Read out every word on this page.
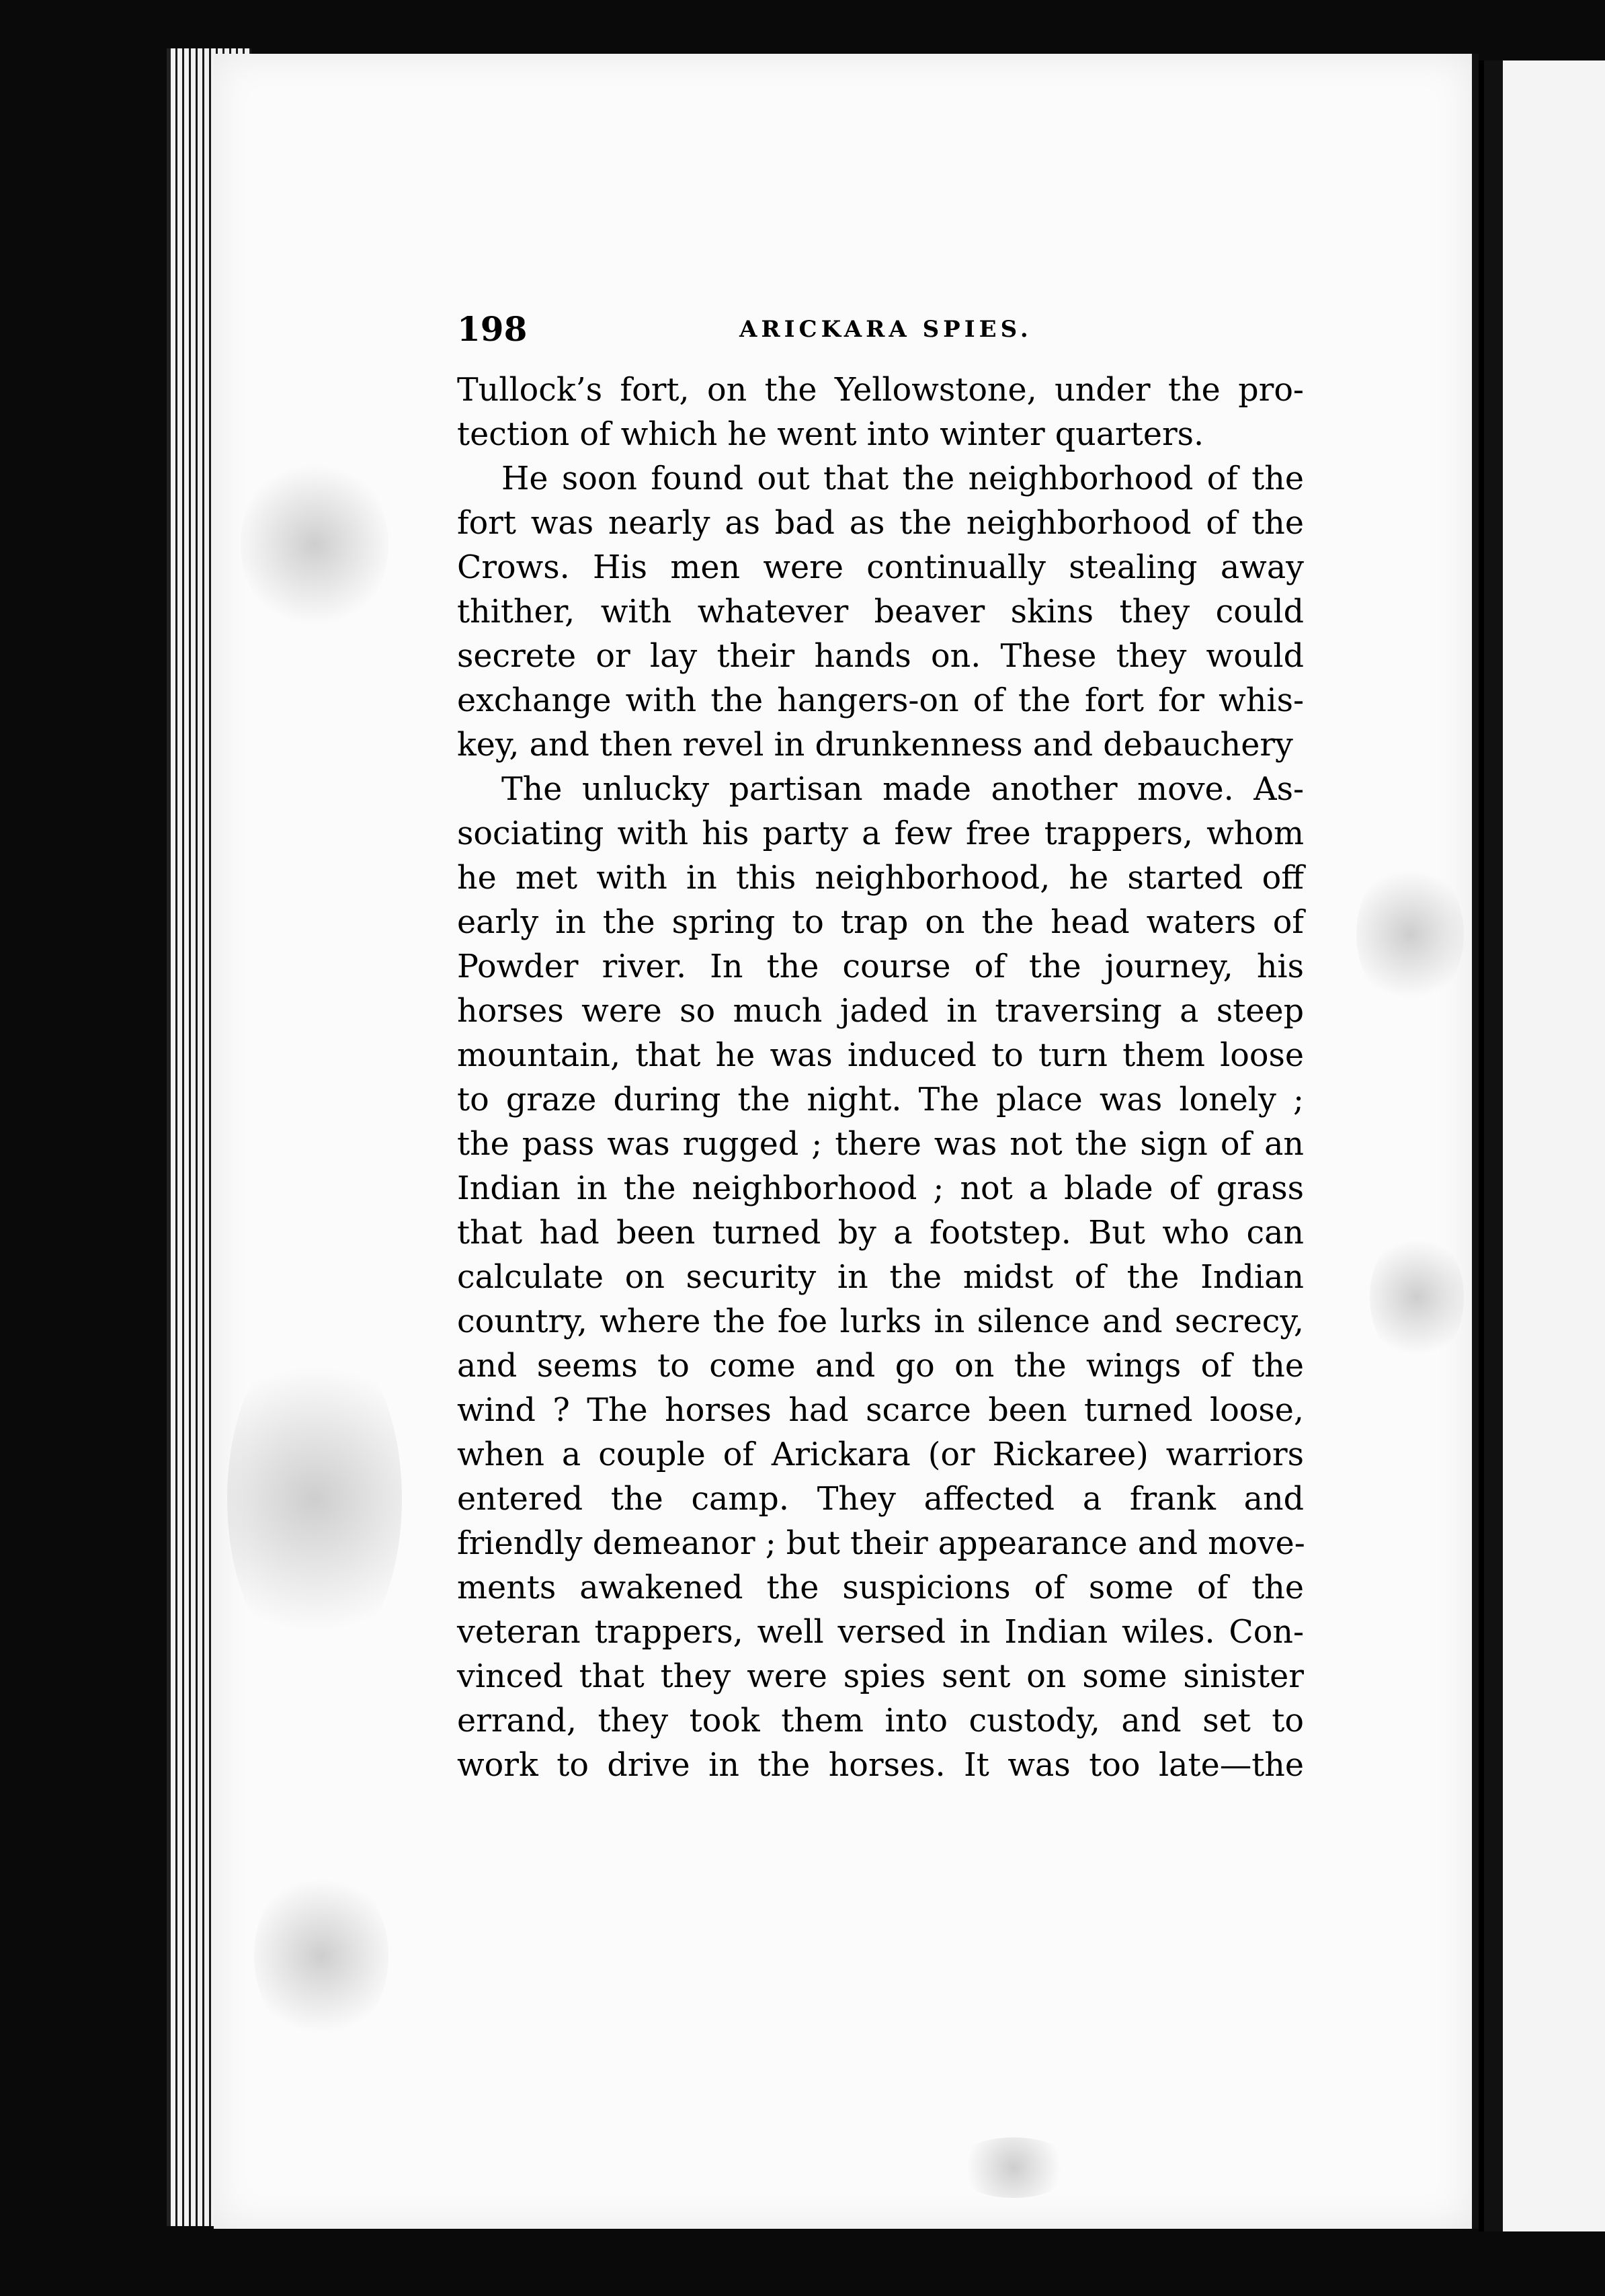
198	ARICKARA SPIES.
Tullock’s fort, on the Yellowstone, under the pro-
tection of which he went into winter quarters.
He soon found out that the neighborhood of the
fort was nearly as bad as the neighborhood of the
Crows. His men were continually stealing away
thither, with whatever beaver skins they could
secrete or lay their hands on. These they would
exchange with the hangers-on of the fort for whis-
key, and then revel in drunkenness and debauchery
The unlucky partisan made another move. As-
sociating with his party a few free trappers, whom
he met with in this neighborhood, he started off
early in the spring to trap on the head waters of
Powder river. In the course of the journey, his
horses were so much jaded in traversing a steep
mountain, that he was induced to turn them loose
to graze during the night. The place was lonely ;
the pass was rugged ; there was not the sign of an
Indian in the neighborhood ; not a blade of grass
that had been turned by a footstep. But who can
calculate on security in the midst of the Indian
country, where the foe lurks in silence and secrecy,
and seems to come and go on the wings of the
wind ? The horses had scarce been turned loose,
when a couple of Arickara (or Rickaree) warriors
entered the camp. They affected a frank and
friendly demeanor ; but their appearance and move-
ments awakened the suspicions of some of the
veteran trappers, well versed in Indian wiles. Con-
vinced that they were spies sent on some sinister
errand, they took them into custody, and set to
work to drive in the horses. It was too late—the
